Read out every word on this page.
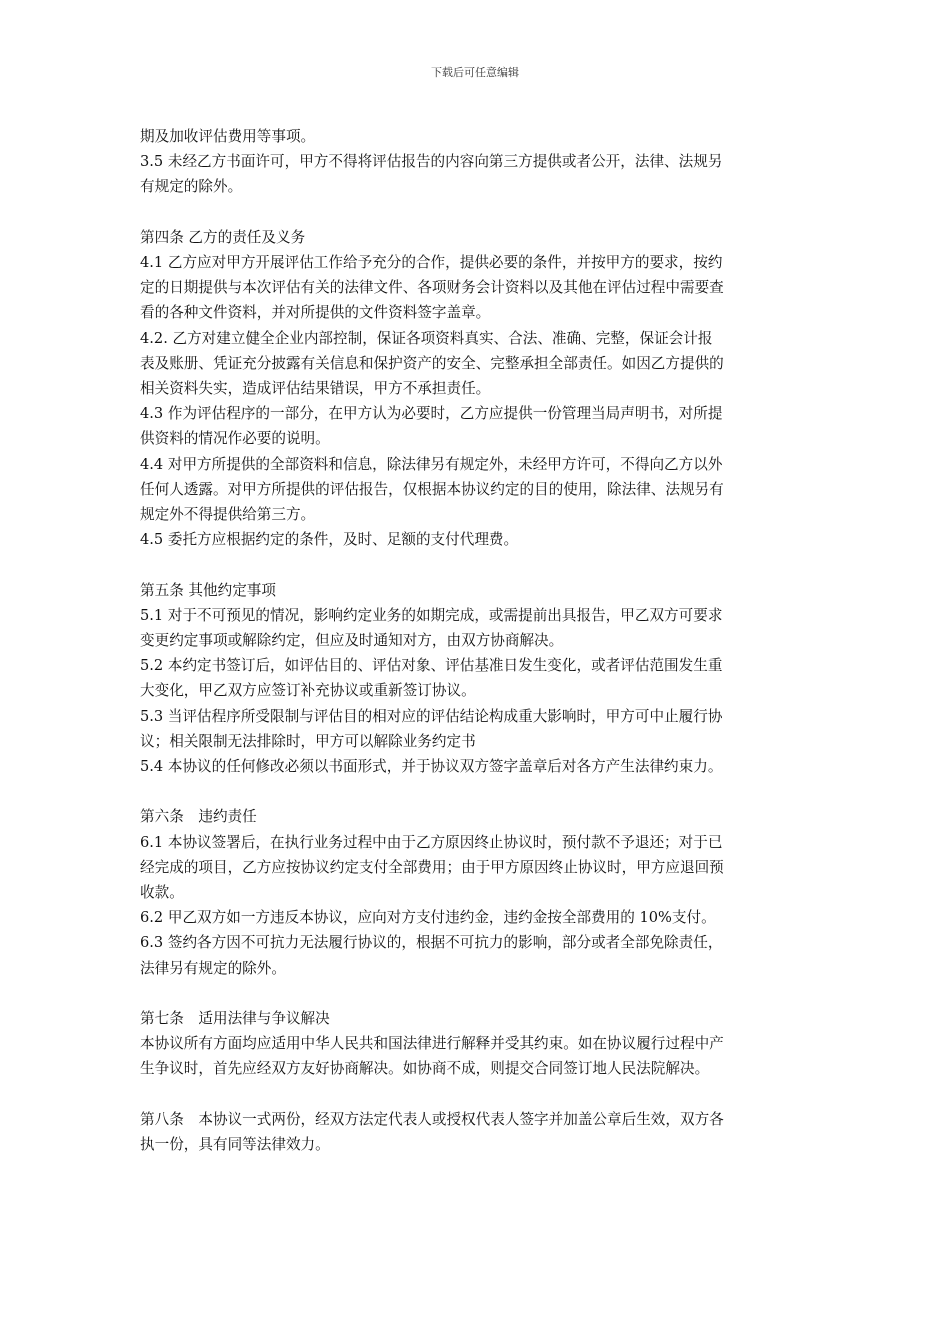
下载后可任意编辑
期及加收评估费用等事项。
3.5 未经乙方书面许可，甲方不得将评估报告的内容向第三方提供或者公开，法律、法规另
有规定的除外。
第四条 乙方的责任及义务
4.1 乙方应对甲方开展评估工作给予充分的合作，提供必要的条件，并按甲方的要求，按约
定的日期提供与本次评估有关的法律文件、各项财务会计资料以及其他在评估过程中需要查
看的各种文件资料，并对所提供的文件资料签字盖章。
4.2. 乙方对建立健全企业内部控制，保证各项资料真实、合法、准确、完整，保证会计报
表及账册、凭证充分披露有关信息和保护资产的安全、完整承担全部责任。如因乙方提供的
相关资料失实，造成评估结果错误，甲方不承担责任。
4.3 作为评估程序的一部分，在甲方认为必要时，乙方应提供一份管理当局声明书，对所提
供资料的情况作必要的说明。
4.4 对甲方所提供的全部资料和信息，除法律另有规定外，未经甲方许可，不得向乙方以外
任何人透露。对甲方所提供的评估报告，仅根据本协议约定的目的使用，除法律、法规另有
规定外不得提供给第三方。
4.5 委托方应根据约定的条件，及时、足额的支付代理费。
第五条 其他约定事项
5.1 对于不可预见的情况，影响约定业务的如期完成，或需提前出具报告，甲乙双方可要求
变更约定事项或解除约定，但应及时通知对方，由双方协商解决。
5.2 本约定书签订后，如评估目的、评估对象、评估基准日发生变化，或者评估范围发生重
大变化，甲乙双方应签订补充协议或重新签订协议。
5.3 当评估程序所受限制与评估目的相对应的评估结论构成重大影响时，甲方可中止履行协
议；相关限制无法排除时，甲方可以解除业务约定书
5.4 本协议的任何修改必须以书面形式，并于协议双方签字盖章后对各方产生法律约束力。
第六条　违约责任
6.1 本协议签署后，在执行业务过程中由于乙方原因终止协议时，预付款不予退还；对于已
经完成的项目，乙方应按协议约定支付全部费用；由于甲方原因终止协议时，甲方应退回预
收款。
6.2 甲乙双方如一方违反本协议，应向对方支付违约金，违约金按全部费用的 10%支付。
6.3 签约各方因不可抗力无法履行协议的，根据不可抗力的影响，部分或者全部免除责任，
法律另有规定的除外。
第七条　适用法律与争议解决
本协议所有方面均应适用中华人民共和国法律进行解释并受其约束。如在协议履行过程中产
生争议时，首先应经双方友好协商解决。如协商不成，则提交合同签订地人民法院解决。
第八条　本协议一式两份，经双方法定代表人或授权代表人签字并加盖公章后生效，双方各
执一份，具有同等法律效力。
